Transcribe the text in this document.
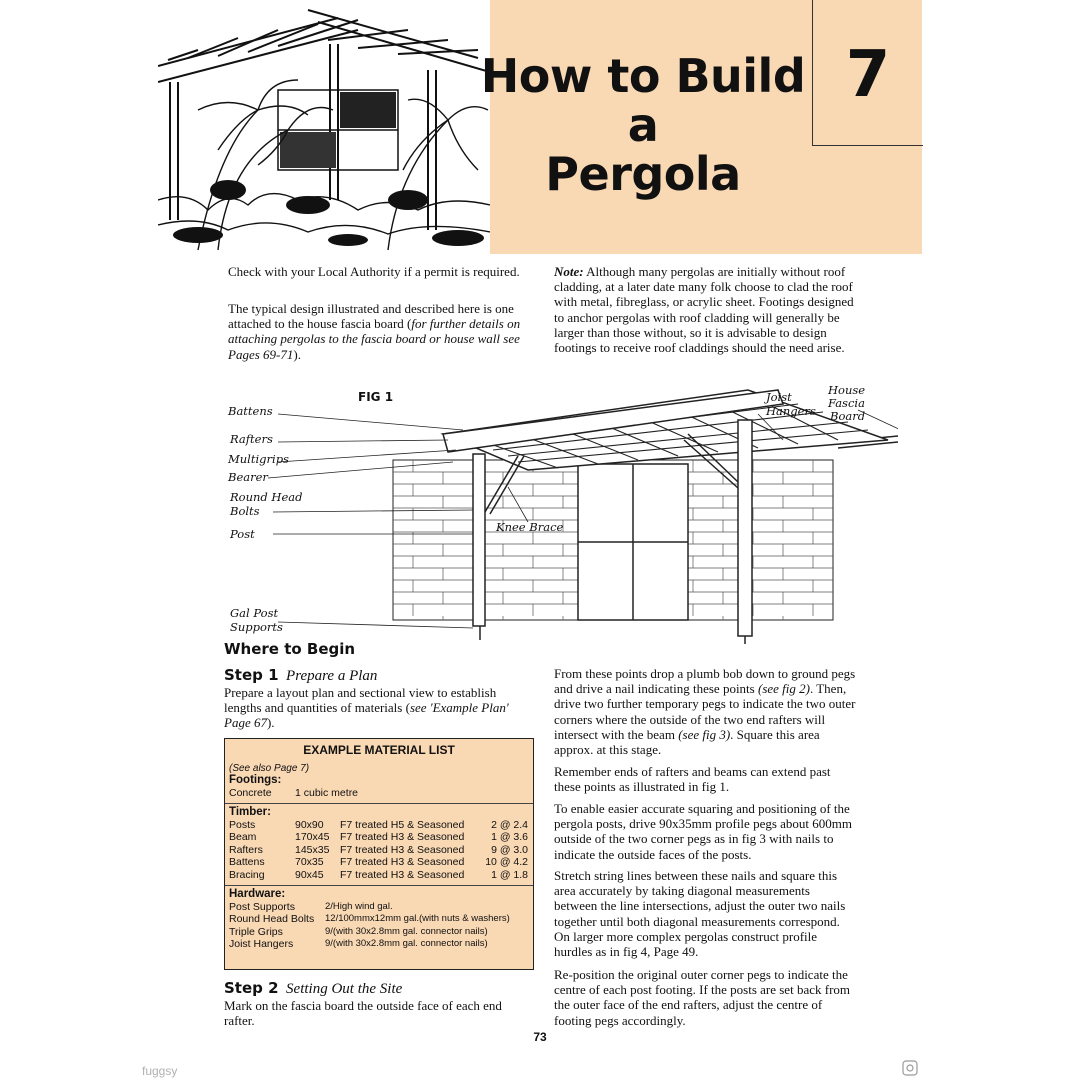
How to Build
a
Pergola
7

Check with your Local Authority if a permit is required.

The typical design illustrated and described here is one attached to the house fascia board (for further details on attaching pergolas to the fascia board or house wall see Pages 69-71).

Note: Although many pergolas are initially without roof cladding, at a later date many folk choose to clad the roof with metal, fibreglass, or acrylic sheet. Footings designed to anchor pergolas with roof cladding will generally be larger than those without, so it is advisable to design footings to receive roof claddings should the need arise.

FIG 1
Battens
Rafters
Multigrips
Bearer
Round Head
Bolts
Post	Knee Brace
Gal Post
Supports
Joist
Hangers
House Fascia
Board
Where to Begin
Step 1 Prepare a Plan

Prepare a layout plan and sectional view to establish lengths and quantities of materials (see 'Example Plan' Page 67).

EXAMPLE MATERIAL LIST
(See also Page 7)
Footings:
Concrete	1 cubic metre
Timber:
Posts	90x90	F7 treated H5 & Seasoned	2 @ 2.4
Beam	170x45	F7 treated H3 & Seasoned	1 @ 3.6
Rafters	145x35	F7 treated H3 & Seasoned	9 @ 3.0
Battens	70x35	F7 treated H3 & Seasoned	10 @ 4.2
Bracing	90x45	F7 treated H3 & Seasoned	1 @ 1.8
Hardware:
Post Supports	2/High wind gal.
Round Head Bolts	12/100mmx12mm gal.(with nuts & washers)
Triple Grips	9/(with 30x2.8mm gal. connector nails)
Joist Hangers	9/(with 30x2.8mm gal. connector nails)
Step 2 Setting Out the Site

Mark on the fascia board the outside face of each end rafter.

From these points drop a plumb bob down to ground pegs and drive a nail indicating these points (see fig 2). Then, drive two further temporary pegs to indicate the two outer corners where the outside of the two end rafters will intersect with the beam (see fig 3). Square this area approx. at this stage.

Remember ends of rafters and beams can extend past these points as illustrated in fig 1.

To enable easier accurate squaring and positioning of the pergola posts, drive 90x35mm profile pegs about 600mm outside of the two corner pegs as in fig 3 with nails to indicate the outside faces of the posts.

Stretch string lines between these nails and square this area accurately by taking diagonal measurements between the line intersections, adjust the outer two nails together until both diagonal measurements correspond. On larger more complex pergolas construct profile hurdles as in fig 4, Page 49.

Re-position the original outer corner pegs to indicate the centre of each post footing. If the posts are set back from the outer face of the end rafters, adjust the centre of footing pegs accordingly.

73
fuggsy
